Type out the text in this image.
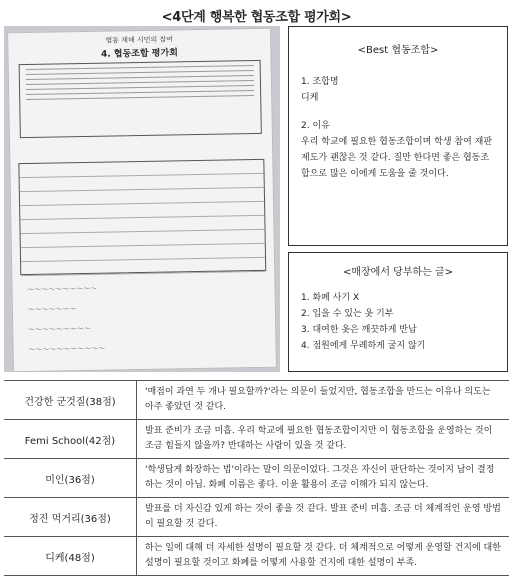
<4단계 행복한 협동조합 평가회>
협동 재해 시민의 참여
4. 협동조합 평가회
～～～～～～～～～～
～～～～～～～
～～～～～～～～～
～～～～～～～～～～～
<Best 협동조합>
1. 조합명
디케
2. 이유
우리 학교에 필요한 협동조합이며 학생 참여 재판 제도가 괜찮은 것 같다. 질만 한다면 좋은 협동조합으로 많은 이에게 도움을 줄 것이다.
<매장에서 당부하는 글>
1. 화폐 사기 X
2. 입을 수 있는 옷 기부
3. 대여한 옷은 깨끗하게 반납
4. 점원에게 무례하게 굴지 않기
건강한 군것질(38점)	'매점이 과연 두 개나 필요할까?'라는 의문이 들었지만, 협동조합을 만드는 이유나 의도는 아주 좋았던 것 같다.
Femi School(42점)	발표 준비가 조금 미흡. 우리 학교에 필요한 협동조합이지만 이 협동조합을 운영하는 것이 조금 힘들지 않을까? 반대하는 사람이 있을 것 같다.
미인(36점)	'학생답게 화장하는 법'이라는 말이 의문이었다. 그것은 자신이 판단하는 것이지 남이 결정하는 것이 아님. 화폐 이름은 좋다. 이윤 활용이 조금 이해가 되지 않는다.
정진 먹거리(36점)	발표를 더 자신감 있게 하는 것이 좋을 것 같다. 발표 준비 미흡. 조금 더 체계적인 운영 방법이 필요할 것 같다.
디케(48점)	하는 일에 대해 더 자세한 설명이 필요할 것 같다. 더 체계적으로 어떻게 운영할 건지에 대한 설명이 필요할 것이고 화폐를 어떻게 사용할 건지에 대한 설명이 부족.
